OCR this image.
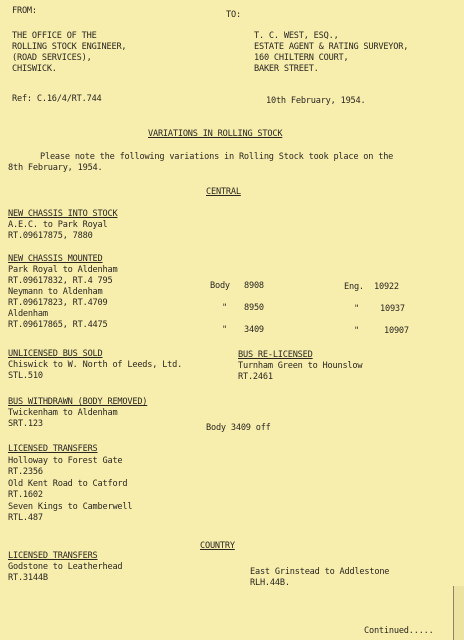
FROM:	TO:
THE OFFICE OF THE
ROLLING STOCK ENGINEER,
(ROAD SERVICES),
CHISWICK.
T. C. WEST, ESQ.,
ESTATE AGENT & RATING SURVEYOR,
160 CHILTERN COURT,
BAKER STREET.
Ref: C.16/4/RT.744	10th February, 1954.
VARIATIONS IN ROLLING STOCK
Please note the following variations in Rolling Stock took place on the
8th February, 1954.
CENTRAL
NEW CHASSIS INTO STOCK
A.E.C. to Park Royal
RT.09617875, 7880
NEW CHASSIS MOUNTED
Park Royal to Aldenham
RT.09617832, RT.4 795	Body 8908	Eng. 10922
Neymann to Aldenham
RT.09617823, RT.4709	" 8950	" 10937
Aldenham
RT.09617865, RT.4475	" 3409	"	10907
UNLICENSED BUS SOLD
Chiswick to W. North of Leeds, Ltd.
STL.510
BUS RE-LICENSED
Turnham Green to Hounslow
RT.2461
BUS WITHDRAWN (BODY REMOVED)
Twickenham to Aldenham
SRT.123	Body 3409 off
LICENSED TRANSFERS
Holloway to Forest Gate
RT.2356
Old Kent Road to Catford
RT.1602
Seven Kings to Camberwell
RTL.487
COUNTRY
LICENSED TRANSFERS
Godstone to Leatherhead
RT.3144B
East Grinstead to Addlestone
RLH.44B.
Continued.....
